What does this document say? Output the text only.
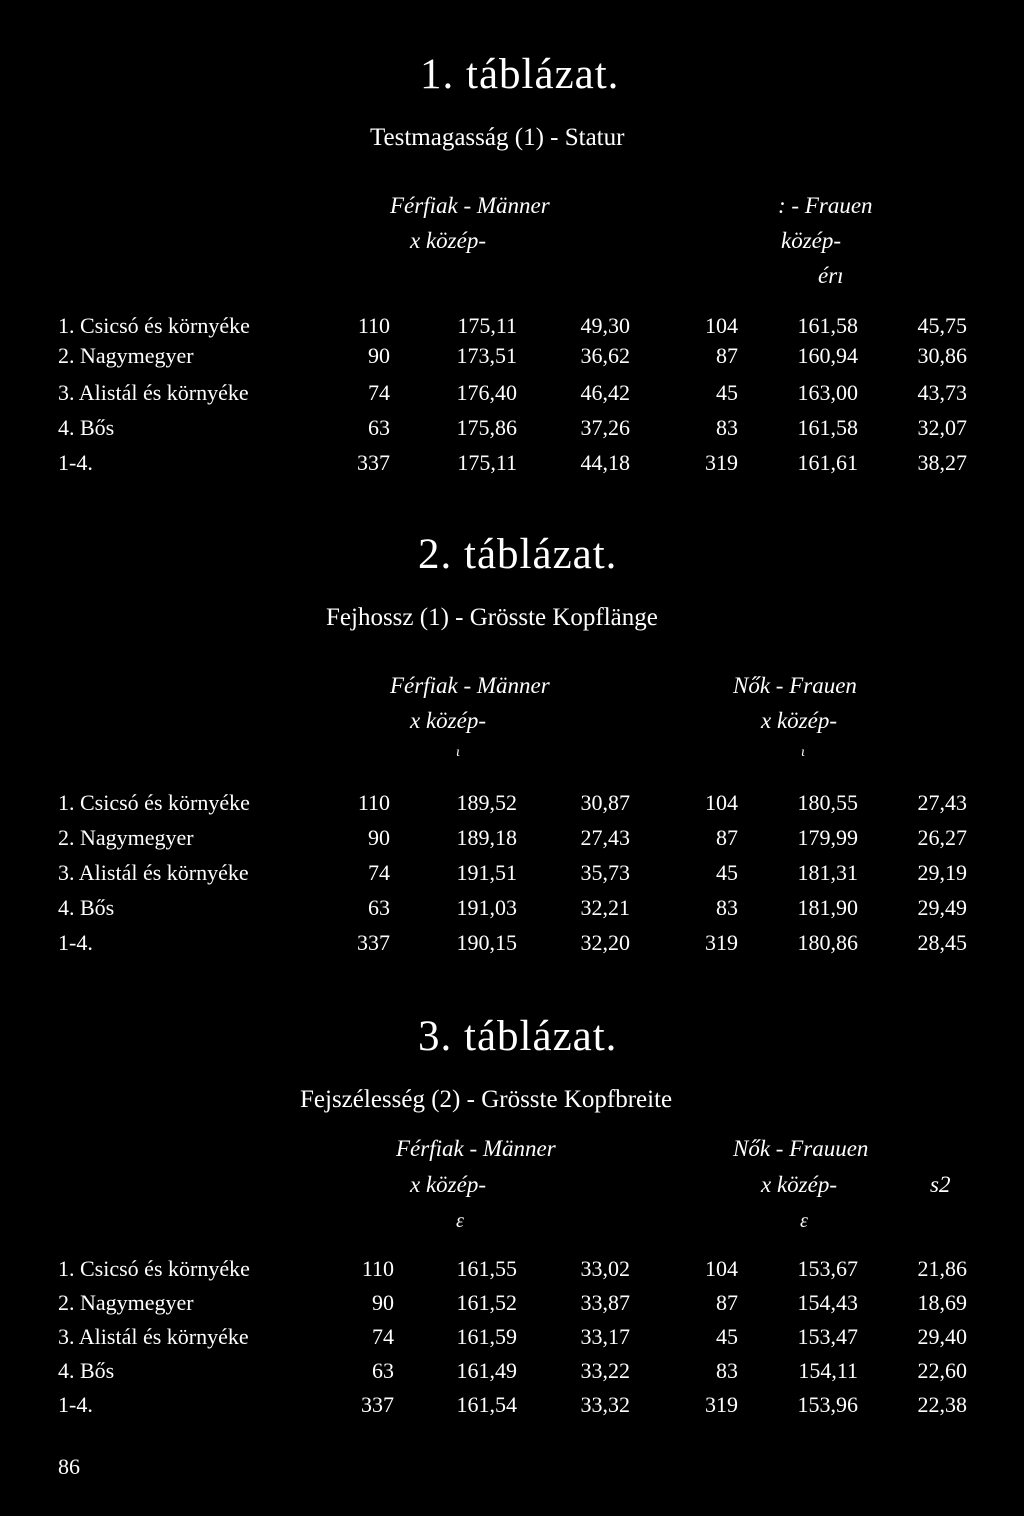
1. táblázat.
Testmagasság (1) - Statur
Férfiak - Männer	: - Frauen
x közép-	közép-
érı
1. Csicsó és környéke	110	175,11	49,30	104	161,58	45,75
2. Nagymegyer	90	173,51	36,62	87	160,94	30,86
3. Alistál és környéke	74	176,40	46,42	45	163,00	43,73
4. Bős	63	175,86	37,26	83	161,58	32,07
1-4.	337	175,11	44,18	319	161,61	38,27
2. táblázat.
Fejhossz (1) - Grösste Kopflänge
Férfiak - Männer	Nők - Frauen
x közép-	x közép-
ι	ι
1. Csicsó és környéke	110	189,52	30,87	104	180,55	27,43
2. Nagymegyer	90	189,18	27,43	87	179,99	26,27
3. Alistál és környéke	74	191,51	35,73	45	181,31	29,19
4. Bős	63	191,03	32,21	83	181,90	29,49
1-4.	337	190,15	32,20	319	180,86	28,45
3. táblázat.
Fejszélesség (2) - Grösste Kopfbreite
Férfiak - Männer	Nők - Frauuen
x közép-	x közép-	s2
ε	ε
1. Csicsó és környéke	110	161,55	33,02	104	153,67	21,86
2. Nagymegyer	90	161,52	33,87	87	154,43	18,69
3. Alistál és környéke	74	161,59	33,17	45	153,47	29,40
4. Bős	63	161,49	33,22	83	154,11	22,60
1-4.	337	161,54	33,32	319	153,96	22,38
86
